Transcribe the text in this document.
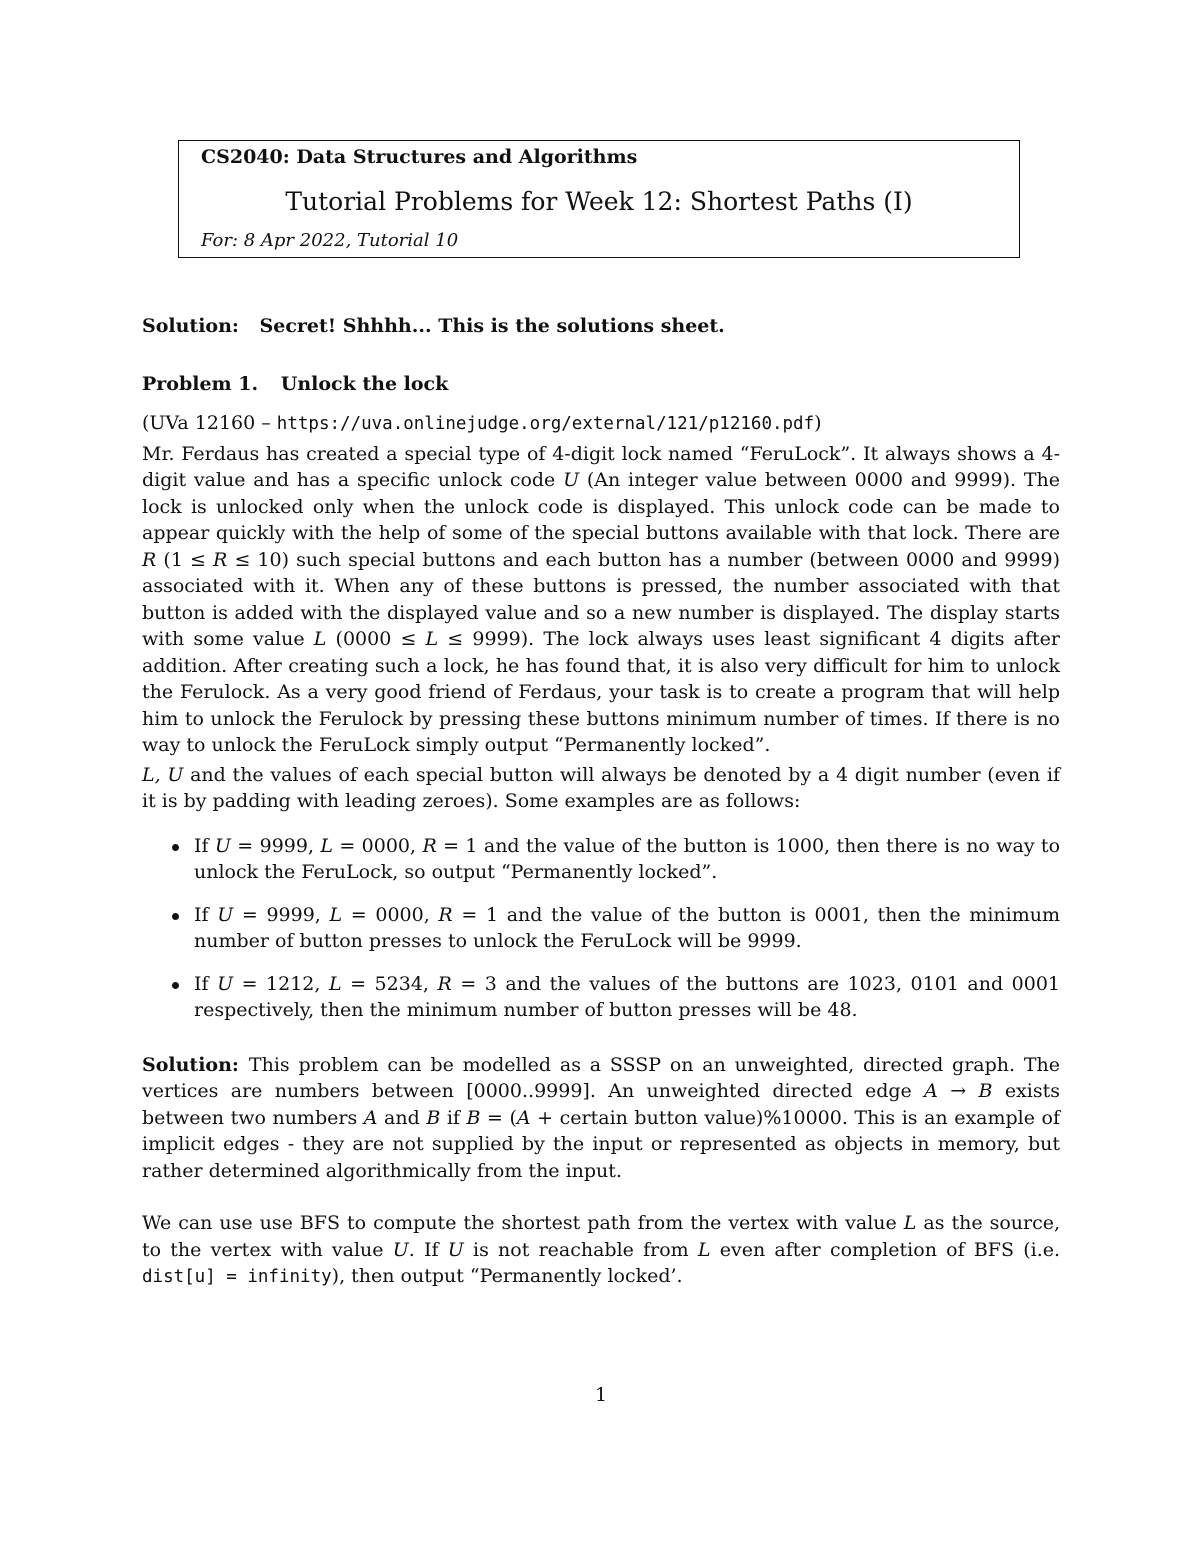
CS2040: Data Structures and Algorithms
Tutorial Problems for Week 12: Shortest Paths (I)
For: 8 Apr 2022, Tutorial 10
Solution: Secret! Shhhh... This is the solutions sheet.
Problem 1. Unlock the lock

(UVa 12160 – https://uva.onlinejudge.org/external/121/p12160.pdf)

Mr. Ferdaus has created a special type of 4-digit lock named “FeruLock”. It always shows a 4-digit value and has a specific unlock code U (An integer value between 0000 and 9999). The lock is unlocked only when the unlock code is displayed. This unlock code can be made to appear quickly with the help of some of the special buttons available with that lock. There are R (1 ≤ R ≤ 10) such special buttons and each button has a number (between 0000 and 9999) associated with it. When any of these buttons is pressed, the number associated with that button is added with the displayed value and so a new number is displayed. The display starts with some value L (0000 ≤ L ≤ 9999). The lock always uses least significant 4 digits after addition. After creating such a lock, he has found that, it is also very difficult for him to unlock the Ferulock. As a very good friend of Ferdaus, your task is to create a program that will help him to unlock the Ferulock by pressing these buttons minimum number of times. If there is no way to unlock the FeruLock simply output “Permanently locked”.

L, U and the values of each special button will always be denoted by a 4 digit number (even if it is by padding with leading zeroes). Some examples are as follows:

If U = 9999, L = 0000, R = 1 and the value of the button is 1000, then there is no way to unlock the FeruLock, so output “Permanently locked”.
If U = 9999, L = 0000, R = 1 and the value of the button is 0001, then the minimum number of button presses to unlock the FeruLock will be 9999.
If U = 1212, L = 5234, R = 3 and the values of the buttons are 1023, 0101 and 0001 respectively, then the minimum number of button presses will be 48.

Solution: This problem can be modelled as a SSSP on an unweighted, directed graph. The vertices are numbers between [0000..9999]. An unweighted directed edge A → B exists between two numbers A and B if B = (A + certain button value)%10000. This is an example of implicit edges - they are not supplied by the input or represented as objects in memory, but rather determined algorithmically from the input.

We can use use BFS to compute the shortest path from the vertex with value L as the source, to the vertex with value U. If U is not reachable from L even after completion of BFS (i.e. dist[u] = infinity), then output “Permanently locked’.

1
